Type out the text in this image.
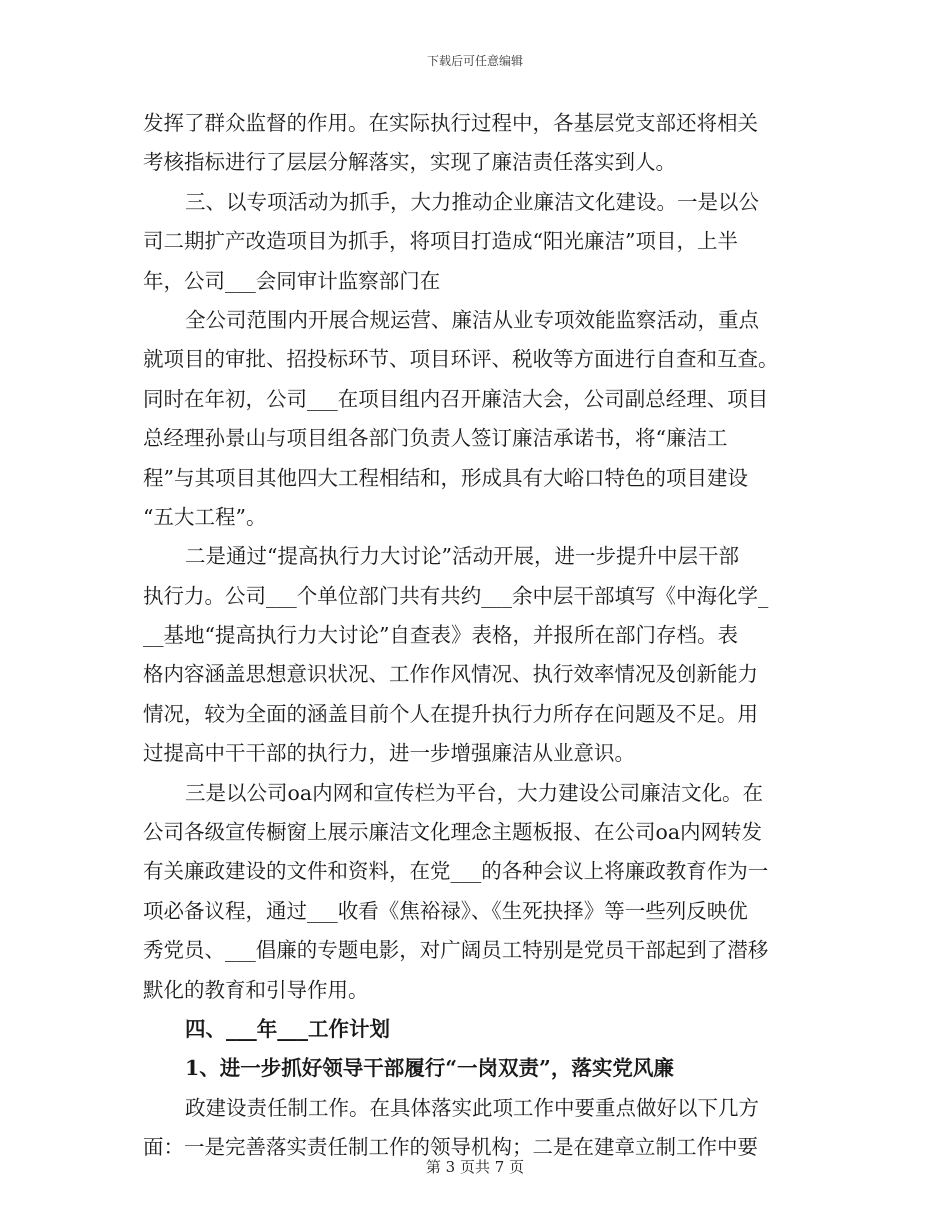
下载后可任意编辑
发挥了群众监督的作用。在实际执行过程中，各基层党支部还将相关
考核指标进行了层层分解落实，实现了廉洁责任落实到人。
三、以专项活动为抓手，大力推动企业廉洁文化建设。一是以公
司二期扩产改造项目为抓手，将项目打造成“阳光廉洁”项目，上半
年，公司___会同审计监察部门在
全公司范围内开展合规运营、廉洁从业专项效能监察活动，重点
就项目的审批、招投标环节、项目环评、税收等方面进行自查和互查。
同时在年初，公司___在项目组内召开廉洁大会，公司副总经理、项目
总经理孙景山与项目组各部门负责人签订廉洁承诺书，将“廉洁工
程”与其项目其他四大工程相结和，形成具有大峪口特色的项目建设
“五大工程”。
二是通过“提高执行力大讨论”活动开展，进一步提升中层干部
执行力。公司___个单位部门共有共约___余中层干部填写《中海化学_
__基地“提高执行力大讨论”自查表》表格，并报所在部门存档。表
格内容涵盖思想意识状况、工作作风情况、执行效率情况及创新能力
情况，较为全面的涵盖目前个人在提升执行力所存在问题及不足。用
过提高中干干部的执行力，进一步增强廉洁从业意识。
三是以公司oa内网和宣传栏为平台，大力建设公司廉洁文化。在
公司各级宣传橱窗上展示廉洁文化理念主题板报、在公司oa内网转发
有关廉政建设的文件和资料，在党___的各种会议上将廉政教育作为一
项必备议程，通过___收看《焦裕禄》、《生死抉择》等一些列反映优
秀党员、___倡廉的专题电影，对广阔员工特别是党员干部起到了潜移
默化的教育和引导作用。
四、___年___工作计划
1、进一步抓好领导干部履行“一岗双责”，落实党风廉
政建设责任制工作。在具体落实此项工作中要重点做好以下几方
面：一是完善落实责任制工作的领导机构；二是在建章立制工作中要
第 3 页共 7 页
